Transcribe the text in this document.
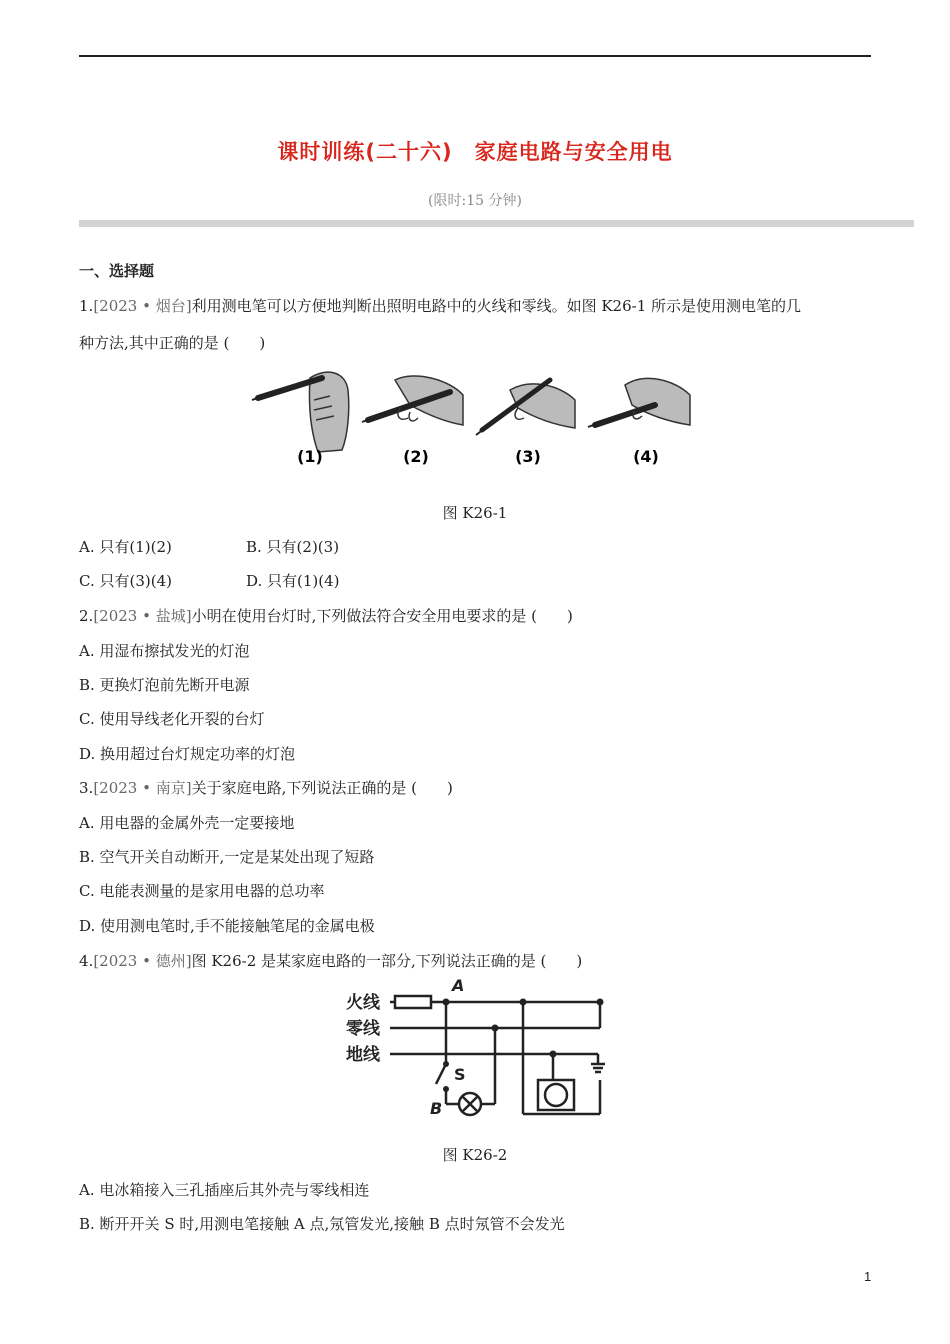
课时训练(二十六)　家庭电路与安全用电
(限时:15 分钟)
一、选择题
1.[2023 • 烟台]利用测电笔可以方便地判断出照明电路中的火线和零线。如图 K26-1 所示是使用测电笔的几
种方法,其中正确的是 (　　)
(1)	(2)	(3)	(4)
图 K26-1
A. 只有(1)(2)	B. 只有(2)(3)
C. 只有(3)(4)	D. 只有(1)(4)
2.[2023 • 盐城]小明在使用台灯时,下列做法符合安全用电要求的是 (　　)
A. 用湿布擦拭发光的灯泡
B. 更换灯泡前先断开电源
C. 使用导线老化开裂的台灯
D. 换用超过台灯规定功率的灯泡
3.[2023 • 南京]关于家庭电路,下列说法正确的是 (　　)
A. 用电器的金属外壳一定要接地
B. 空气开关自动断开,一定是某处出现了短路
C. 电能表测量的是家用电器的总功率
D. 使用测电笔时,手不能接触笔尾的金属电极
4.[2023 • 德州]图 K26-2 是某家庭电路的一部分,下列说法正确的是 (　　)
火线
零线
地线
A
B
S
图 K26-2
A. 电冰箱接入三孔插座后其外壳与零线相连
B. 断开开关 S 时,用测电笔接触 A 点,氖管发光,接触 B 点时氖管不会发光
1
